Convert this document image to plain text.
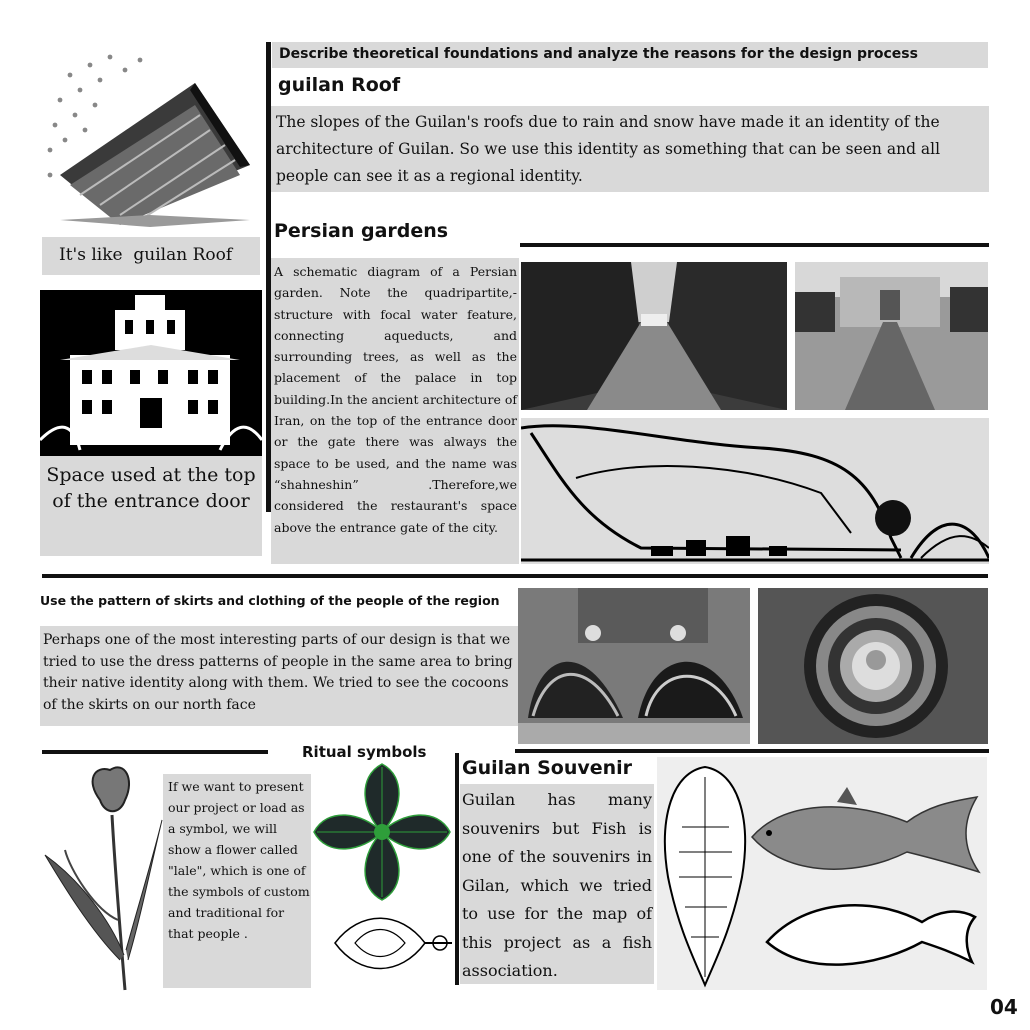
It's like  guilan Roof
Space used at the top of the entrance door
Describe theoretical foundations and analyze the reasons for the design process
guilan Roof
The slopes of the Guilan's roofs due to rain and snow have made it an identity of the architecture of Guilan. So we use this identity as something that can be seen and all people can see it as a regional identity.
Persian gardens
A schematic diagram of a Persian garden. Note the quadripartite,-structure with focal water feature, connecting aqueducts, and surrounding trees, as well as the placement of the palace in top building.In the ancient architecture of Iran, on the top of the entrance door or the gate there was always the space to be used, and the name was “shahneshin” .Therefore,we considered the restaurant's space above the entrance gate of the city.
Use the pattern of skirts and clothing of the people of the region
Perhaps one of the most interesting parts of our design is that we tried to use the dress patterns of people in the same area to bring their native identity along with them. We tried to see the cocoons of the skirts on our north face
Ritual symbols
If we want to present our project or load as a symbol, we will show a flower called "lale", which is one of the symbols of custom and traditional for that people .
Guilan Souvenir
Guilan has many souvenirs but Fish is one of the souvenirs in Gilan, which we tried to use for the map of this project as a fish association.
04
